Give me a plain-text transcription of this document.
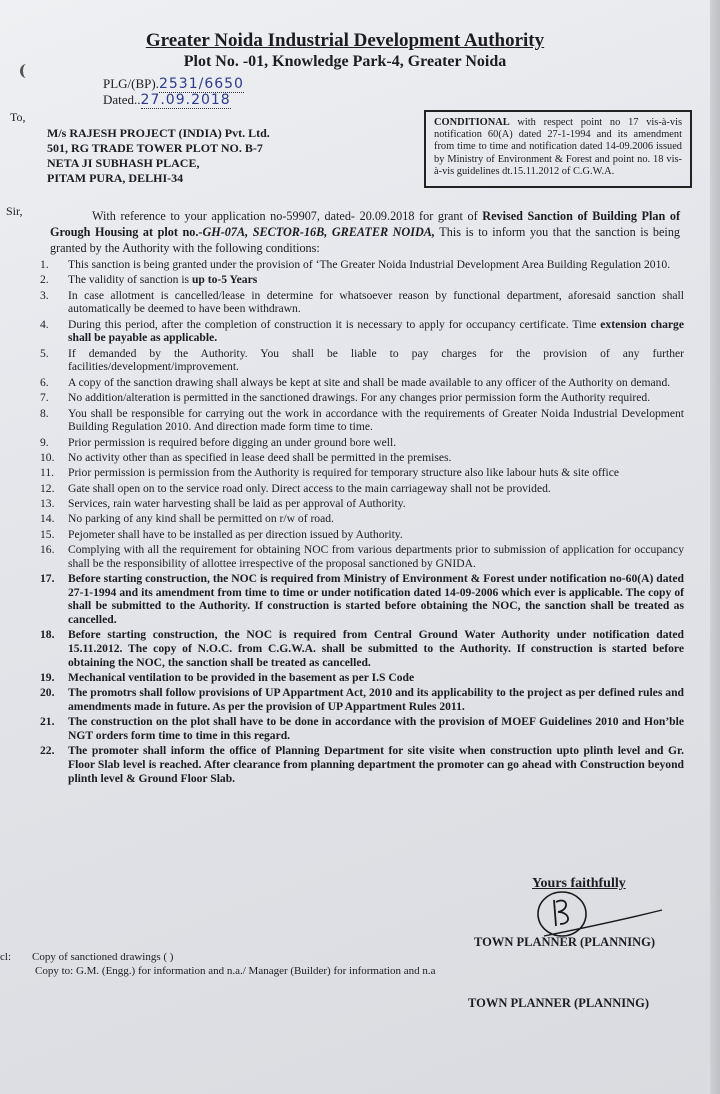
Greater Noida Industrial Development Authority
Plot No. -01, Knowledge Park-4, Greater Noida
PLG/(BP).2531/6650
Dated..27.09.2018
To,
M/s RAJESH PROJECT (INDIA) Pvt. Ltd.
501, RG TRADE TOWER PLOT NO. B-7
NETA JI SUBHASH PLACE,
PITAM PURA, DELHI-34
CONDITIONAL with respect point no 17 vis-à-vis notification 60(A) dated 27-1-1994 and its amendment from time to time and notification dated 14-09.2006 issued by Ministry of Environment & Forest and point no. 18 vis-à-vis guidelines dt.15.11.2012 of C.G.W.A.
Sir,	With reference to your application no-59907, dated- 20.09.2018 for grant of Revised Sanction of Building Plan of Grough Housing at plot no.-GH-07A, SECTOR-16B, GREATER NOIDA, This is to inform you that the sanction is being granted by the Authority with the following conditions:
1.	This sanction is being granted under the provision of ‘The Greater Noida Industrial Development Area Building Regulation 2010.
2.	The validity of sanction is up to-5 Years
3.	In case allotment is cancelled/lease in determine for whatsoever reason by functional department, aforesaid sanction shall automatically be deemed to have been withdrawn.
4.	During this period, after the completion of construction it is necessary to apply for occupancy certificate. Time extension charge shall be payable as applicable.
5.	If demanded by the Authority. You shall be liable to pay charges for the provision of any further facilities/development/improvement.
6.	A copy of the sanction drawing shall always be kept at site and shall be made available to any officer of the Authority on demand.
7.	No addition/alteration is permitted in the sanctioned drawings. For any changes prior permission form the Authority required.
8.	You shall be responsible for carrying out the work in accordance with the requirements of Greater Noida Industrial Development Building Regulation 2010. And direction made form time to time.
9.	Prior permission is required before digging an under ground bore well.
10.	No activity other than as specified in lease deed shall be permitted in the premises.
11.	Prior permission is permission from the Authority is required for temporary structure also like labour huts & site office
12.	Gate shall open on to the service road only. Direct access to the main carriageway shall not be provided.
13.	Services, rain water harvesting shall be laid as per approval of Authority.
14.	No parking of any kind shall be permitted on r/w of road.
15.	Pejometer shall have to be installed as per direction issued by Authority.
16.	Complying with all the requirement for obtaining NOC from various departments prior to submission of application for occupancy shall be the responsibility of allottee irrespective of the proposal sanctioned by GNIDA.
17.	Before starting construction, the NOC is required from Ministry of Environment & Forest under notification no-60(A) dated 27-1-1994 and its amendment from time to time or under notification dated 14-09-2006 which ever is applicable. The copy of shall be submitted to the Authority. If construction is started before obtaining the NOC, the sanction shall be treated as cancelled.
18.	Before starting construction, the NOC is required from Central Ground Water Authority under notification dated 15.11.2012. The copy of N.O.C. from C.G.W.A. shall be submitted to the Authority. If construction is started before obtaining the NOC, the sanction shall be treated as cancelled.
19.	Mechanical ventilation to be provided in the basement as per I.S Code
20.	The promotrs shall follow provisions of UP Appartment Act, 2010 and its applicability to the project as per defined rules and amendments made in future. As per the provision of UP Appartment Rules 2011.
21.	The construction on the plot shall have to be done in accordance with the provision of MOEF Guidelines 2010 and Hon’ble NGT orders form time to time in this regard.
22.	The promoter shall inform the office of Planning Department for site visite when construction upto plinth level and Gr. Floor Slab level is reached. After clearance from planning department the promoter can go ahead with Construction beyond plinth level & Ground Floor Slab.
Yours faithfully
TOWN PLANNER (PLANNING)
cl: Copy of sanctioned drawings ( )
Copy to: G.M. (Engg.) for information and n.a./ Manager (Builder) for information and n.a
TOWN PLANNER (PLANNING)
